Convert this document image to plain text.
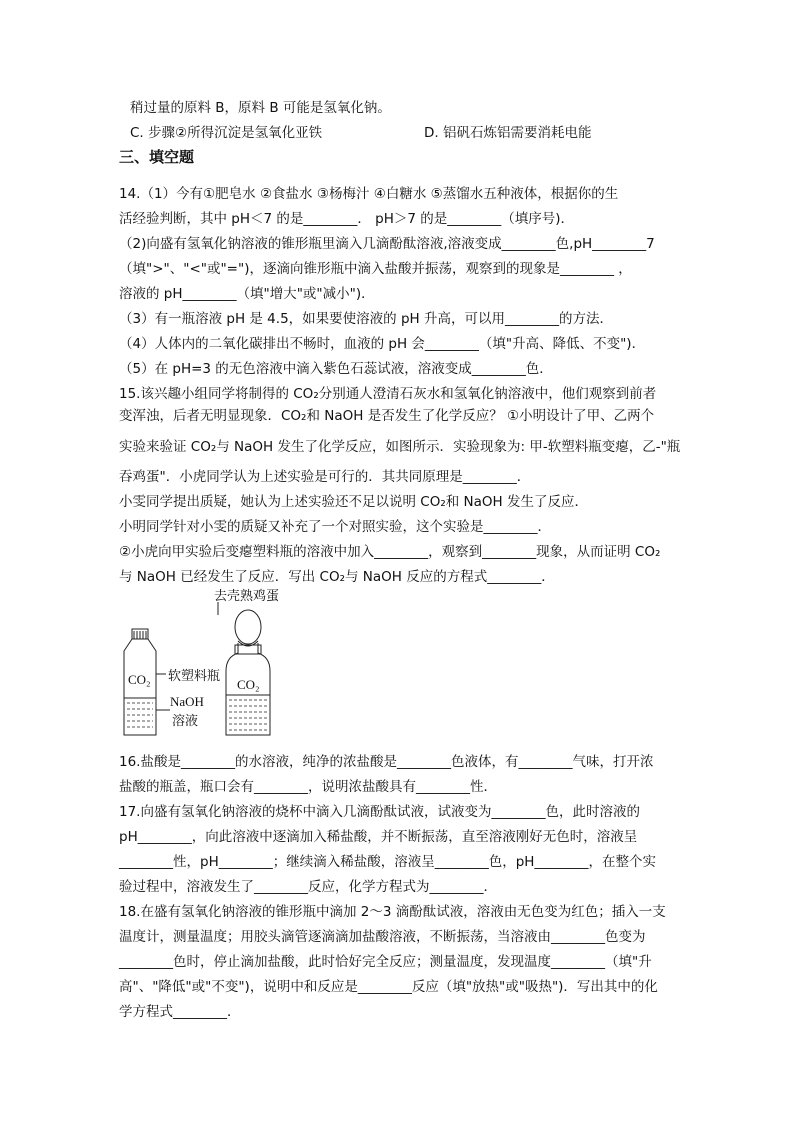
稍过量的原料 B，原料 B 可能是氢氧化钠。
C. 步骤②所得沉淀是氢氧化亚铁	D. 铝矾石炼铝需要消耗电能
三、填空题
14.（1）今有①肥皂水 ②食盐水 ③杨梅汁 ④白糖水 ⑤蒸馏水五种液体，根据你的生
活经验判断，其中 pH＜7 的是________． pH＞7 的是________（填序号)．
（2)向盛有氢氧化钠溶液的锥形瓶里滴入几滴酚酞溶液,溶液变成________色,pH________7
（填">"、"<"或"=")，逐滴向锥形瓶中滴入盐酸并振荡，观察到的现象是________ ，
溶液的 pH________（填"增大"或"减小")．
（3）有一瓶溶液 pH 是 4.5，如果要使溶液的 pH 升高，可以用________的方法．
（4）人体内的二氧化碳排出不畅时，血液的 pH 会________（填"升高、降低、不变")．
（5）在 pH=3 的无色溶液中滴入紫色石蕊试液，溶液变成________色．
15.该兴趣小组同学将制得的 CO₂分别通人澄清石灰水和氢氧化钠溶液中，他们观察到前者
变浑浊，后者无明显现象．CO₂和 NaOH 是否发生了化学反应？ ①小明设计了甲、乙两个
实验来验证 CO₂与 NaOH 发生了化学反应，如图所示．实验现象为: 甲-软塑料瓶变瘪，乙-"瓶
吞鸡蛋"．小虎同学认为上述实验是可行的．其共同原理是________．
小雯同学提出质疑，她认为上述实验还不足以说明 CO₂和 NaOH 发生了反应．
小明同学针对小雯的质疑又补充了一个对照实验，这个实验是________．
②小虎向甲实验后变瘪塑料瓶的溶液中加入________，观察到________现象，从而证明 CO₂
与 NaOH 已经发生了反应．写出 CO₂与 NaOH 反应的方程式________．
去壳熟鸡蛋
软塑料瓶
NaOH
溶液
CO₂	CO₂
16.盐酸是________的水溶液，纯净的浓盐酸是________色液体，有________气味，打开浓
盐酸的瓶盖，瓶口会有________，说明浓盐酸具有________性．
17.向盛有氢氧化钠溶液的烧杯中滴入几滴酚酞试液，试液变为________色，此时溶液的
pH________，向此溶液中逐滴加入稀盐酸，并不断振荡，直至溶液刚好无色时，溶液呈
________性，pH________；继续滴入稀盐酸，溶液呈________色，pH________，在整个实
验过程中，溶液发生了________反应，化学方程式为________．
18.在盛有氢氧化钠溶液的锥形瓶中滴加 2～3 滴酚酞试液，溶液由无色变为红色；插入一支
温度计，测量温度；用胶头滴管逐滴滴加盐酸溶液，不断振荡，当溶液由________色变为
________色时，停止滴加盐酸，此时恰好完全反应；测量温度，发现温度________（填"升
高"、"降低"或"不变")，说明中和反应是________反应（填"放热"或"吸热")．写出其中的化
学方程式________．
